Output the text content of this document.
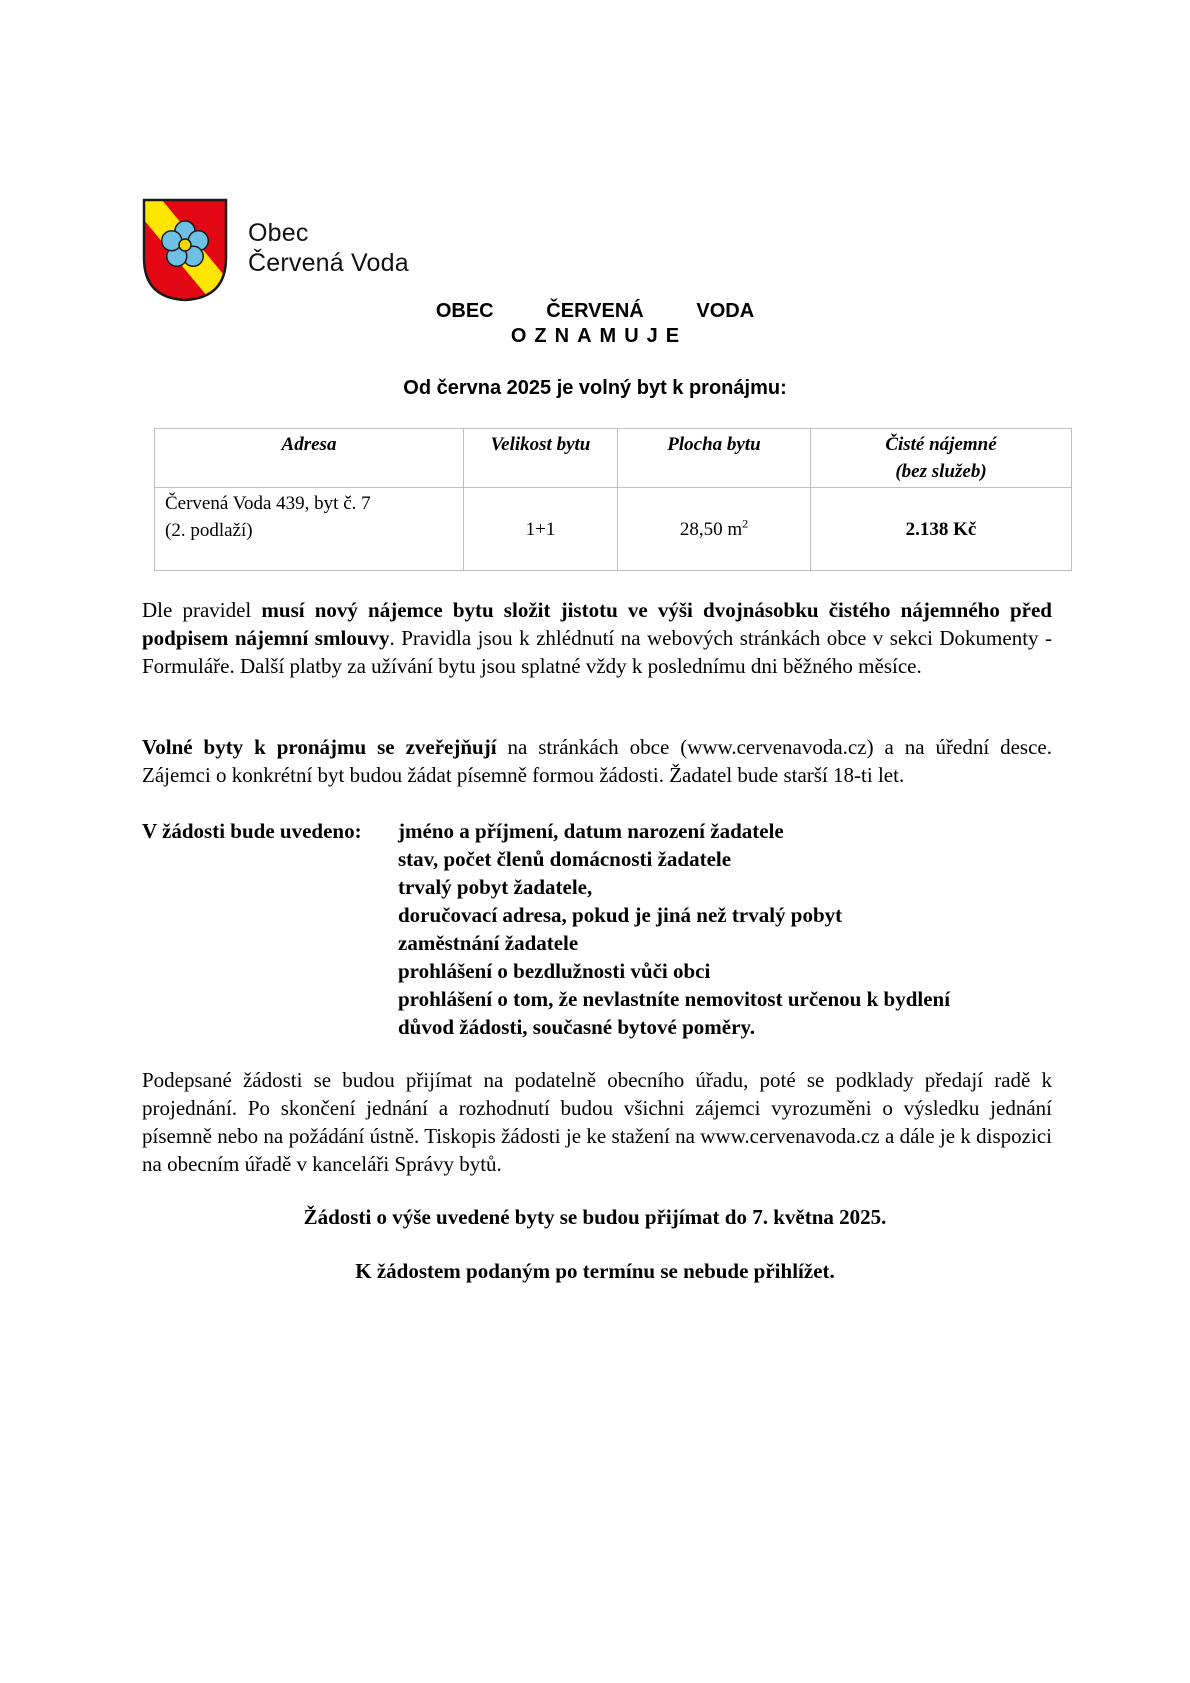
Obec
Červená Voda
OBEC   ČERVENÁ   VODA
OZNAMUJE
Od června 2025 je volný byt k pronájmu:
Adresa	Velikost bytu	Plocha bytu	Čisté nájemné
(bez služeb)

Červená Voda 439, byt č. 7
(2. podlaží)	1+1	28,50 $m^2$	2.138 Kč
Dle pravidel musí nový nájemce bytu složit jistotu ve výši dvojnásobku čistého nájemného před podpisem nájemní smlouvy. Pravidla jsou k zhlédnutí na webových stránkách obce v sekci Dokumenty - Formuláře. Další platby za užívání bytu jsou splatné vždy k poslednímu dni běžného měsíce.
Volné byty k pronájmu se zveřejňují na stránkách obce (www.cervenavoda.cz) a na úřední desce. Zájemci o konkrétní byt budou žádat písemně formou žádosti. Žadatel bude starší 18-ti let.
V žádosti bude uvedeno: jméno a příjmení, datum narození žadatele
stav, počet členů domácnosti žadatele
trvalý pobyt žadatele,
doručovací adresa, pokud je jiná než trvalý pobyt
zaměstnání žadatele
prohlášení o bezdlužnosti vůči obci
prohlášení o tom, že nevlastníte nemovitost určenou k bydlení
důvod žádosti, současné bytové poměry.
Podepsané žádosti se budou přijímat na podatelně obecního úřadu, poté se podklady předají radě k projednání. Po skončení jednání a rozhodnutí budou všichni zájemci vyrozuměni o výsledku jednání písemně nebo na požádání ústně. Tiskopis žádosti je ke stažení na www.cervenavoda.cz a dále je k dispozici na obecním úřadě v kanceláři Správy bytů.
Žádosti o výše uvedené byty se budou přijímat do 7. května 2025.
K žádostem podaným po termínu se nebude přihlížet.
